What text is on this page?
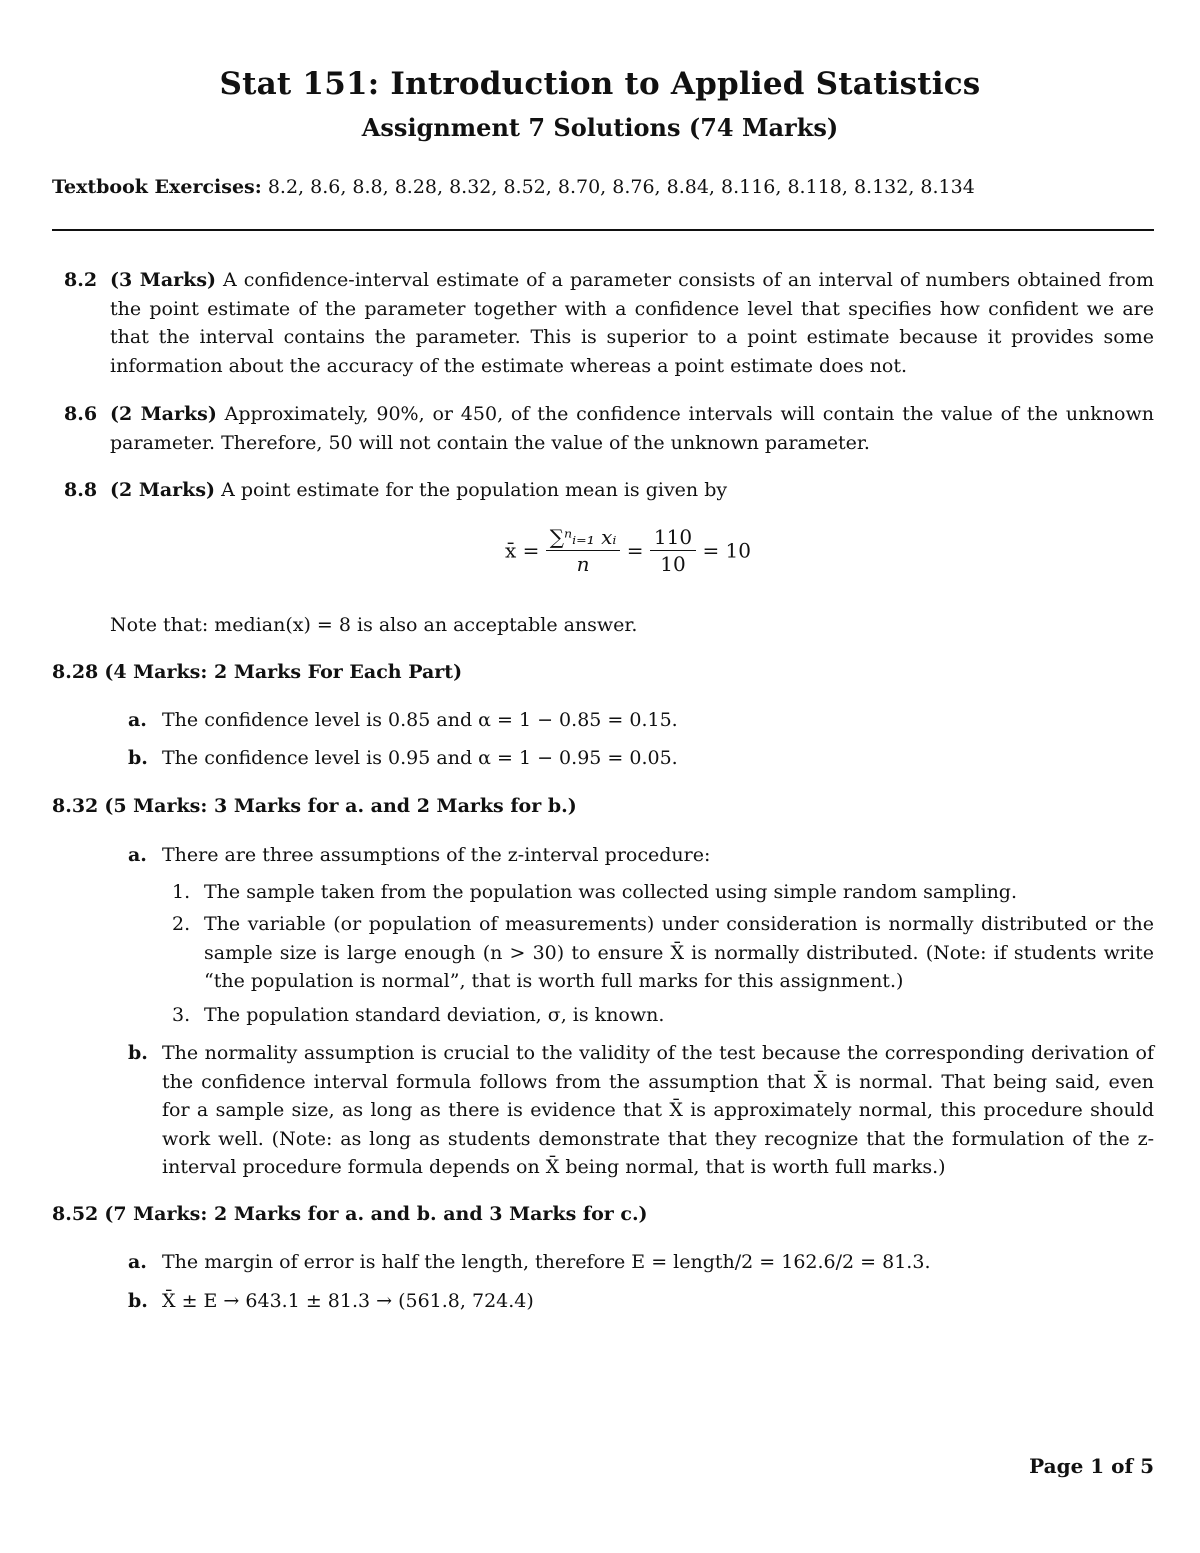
Stat 151: Introduction to Applied Statistics
Assignment 7 Solutions (74 Marks)
Textbook Exercises: 8.2, 8.6, 8.8, 8.28, 8.32, 8.52, 8.70, 8.76, 8.84, 8.116, 8.118, 8.132, 8.134
8.2 (3 Marks) A confidence-interval estimate of a parameter consists of an interval of numbers obtained from the point estimate of the parameter together with a confidence level that specifies how confident we are that the interval contains the parameter. This is superior to a point estimate because it provides some information about the accuracy of the estimate whereas a point estimate does not.
8.6 (2 Marks) Approximately, 90%, or 450, of the confidence intervals will contain the value of the unknown parameter. Therefore, 50 will not contain the value of the unknown parameter.
8.8 (2 Marks) A point estimate for the population mean is given by
x̄ = $\frac{\text{∑ⁿᵢ₌₁ xᵢ}}{n} = \frac{110}{10} = 10$
Note that: median(x) = 8 is also an acceptable answer.
8.28 (4 Marks: 2 Marks For Each Part)
a. The confidence level is 0.85 and α = 1 − 0.85 = 0.15.
b. The confidence level is 0.95 and α = 1 − 0.95 = 0.05.
8.32 (5 Marks: 3 Marks for a. and 2 Marks for b.)
a. There are three assumptions of the z-interval procedure:
1. The sample taken from the population was collected using simple random sampling.
2. The variable (or population of measurements) under consideration is normally distributed or the sample size is large enough (n > 30) to ensure X̄ is normally distributed. (Note: if students write “the population is normal”, that is worth full marks for this assignment.)
3. The population standard deviation, σ, is known.
b. The normality assumption is crucial to the validity of the test because the corresponding derivation of the confidence interval formula follows from the assumption that X̄ is normal. That being said, even for a sample size, as long as there is evidence that X̄ is approximately normal, this procedure should work well. (Note: as long as students demonstrate that they recognize that the formulation of the z-interval procedure formula depends on X̄ being normal, that is worth full marks.)
8.52 (7 Marks: 2 Marks for a. and b. and 3 Marks for c.)
a. The margin of error is half the length, therefore E = length/2 = 162.6/2 = 81.3.
b. X̄ ± E → 643.1 ± 81.3 → (561.8, 724.4)
Page 1 of 5
